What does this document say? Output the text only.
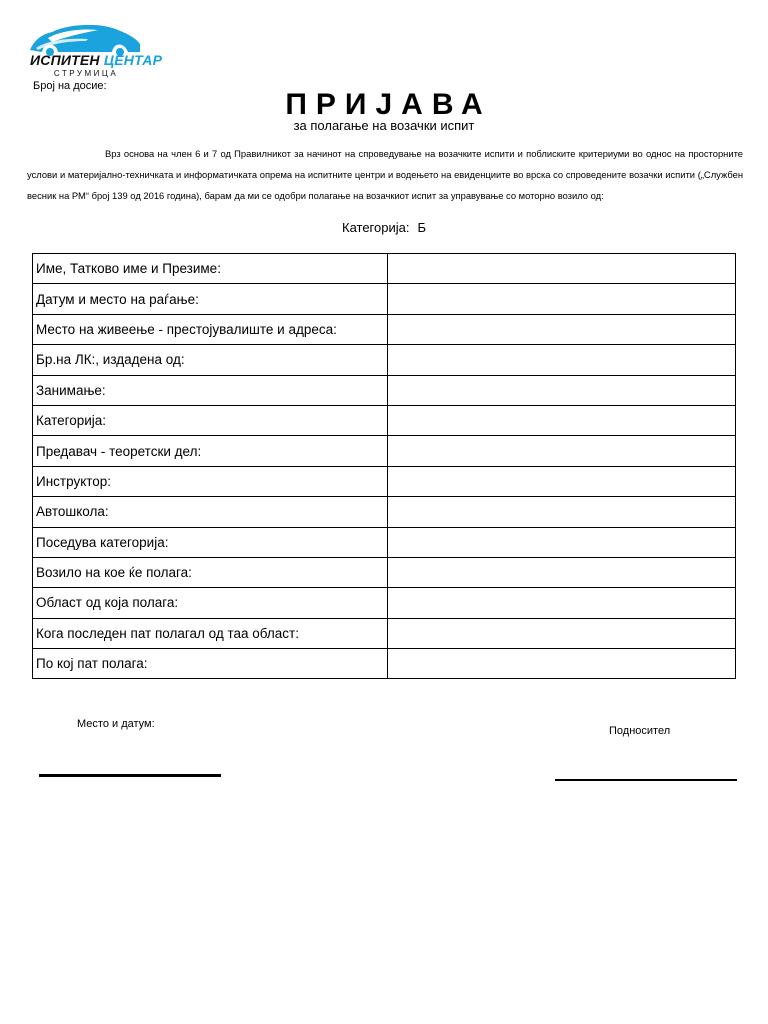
ИСПИТЕН ЦЕНТАР
СТРУМИЦА
Број на досие:
ПРИЈАВА
за полагање на возачки испит

Врз основа на член 6 и 7 од Правилникот за начинот на спроведување на возачките испити и поблиските критериуми во однос на просторните услови и материјално-техничката и информатичката опрема на испитните центри и водењето на евиденциите во врска со спроведените возачки испити („Службен весник на РМ“ број 139 од 2016 година), барам да ми се одобри полагање на возачкиот испит за управување со моторно возило од:

Категорија: Б
Име, Татково име и Презиме:	
Датум и место на раѓање:	
Место на живеење - престојувалиште и адреса:	
Бр.на ЛК:, издадена од:	
Занимање:	
Категорија:	
Предавач - теоретски дел:	
Инструктор:	
Автошкола:	
Поседува категорија:	
Возило на кое ќе полага:	
Област од која полага:	
Кога последен пат полагал од таа област:	
По кој пат полага:	
Место и датум:
Подносител
